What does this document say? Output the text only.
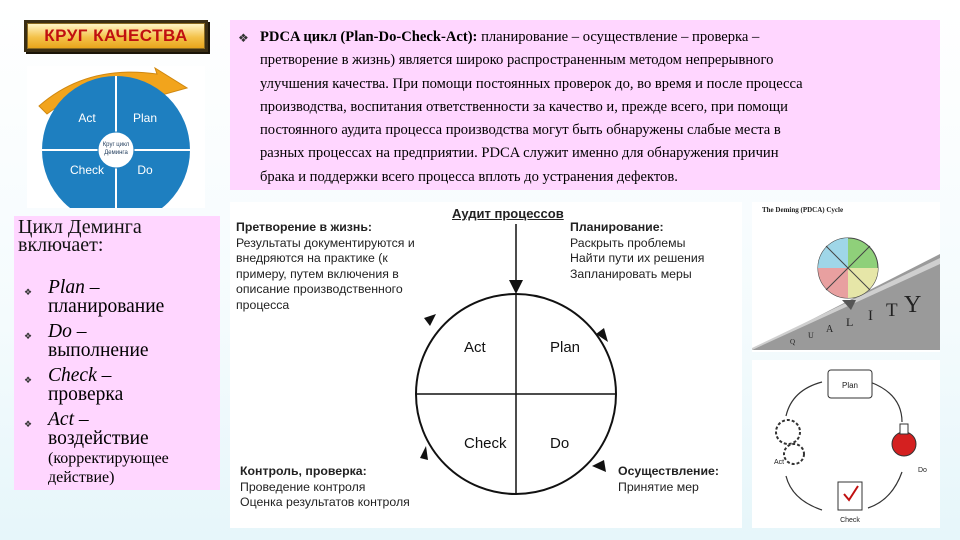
КРУГ КАЧЕСТВА
Круг цикл
Деминга
Act	Plan
Check	Do
❖ PDCA цикл (Plan-Do-Check-Act): планирование – осуществление – проверка –
претворение в жизнь) является широко распространенным методом непрерывного
улучшения качества. При помощи постоянных проверок до, во время и после процесса
производства, воспитания ответственности за качество и, прежде всего, при помощи
постоянного аудита процесса производства могут быть обнаружены слабые места в
разных процессах на предприятии. PDCA служит именно для обнаружения причин
брака и поддержки всего процесса вплоть до устранения дефектов.
Цикл Деминга
включает:
❖ Plan –
планирование
❖ Do –
выполнение
❖ Check –
проверка
❖ Act –
воздействие
(корректирующее
действие)
Act	Plan
Check	Do
Аудит процессов
Претворение в жизнь:
Результаты документируются и
внедряются на практике (к
примеру, путем включения в
описание производственного
процесса
Планирование:
Раскрыть проблемы
Найти пути их решения
Запланировать меры
Контроль, проверка:
Проведение контроля
Оценка результатов контроля
Осуществление:
Принятие мер
The Deming (PDCA) Cycle
Q
U
A
L I T Y
Plan
Do
Check
Act
